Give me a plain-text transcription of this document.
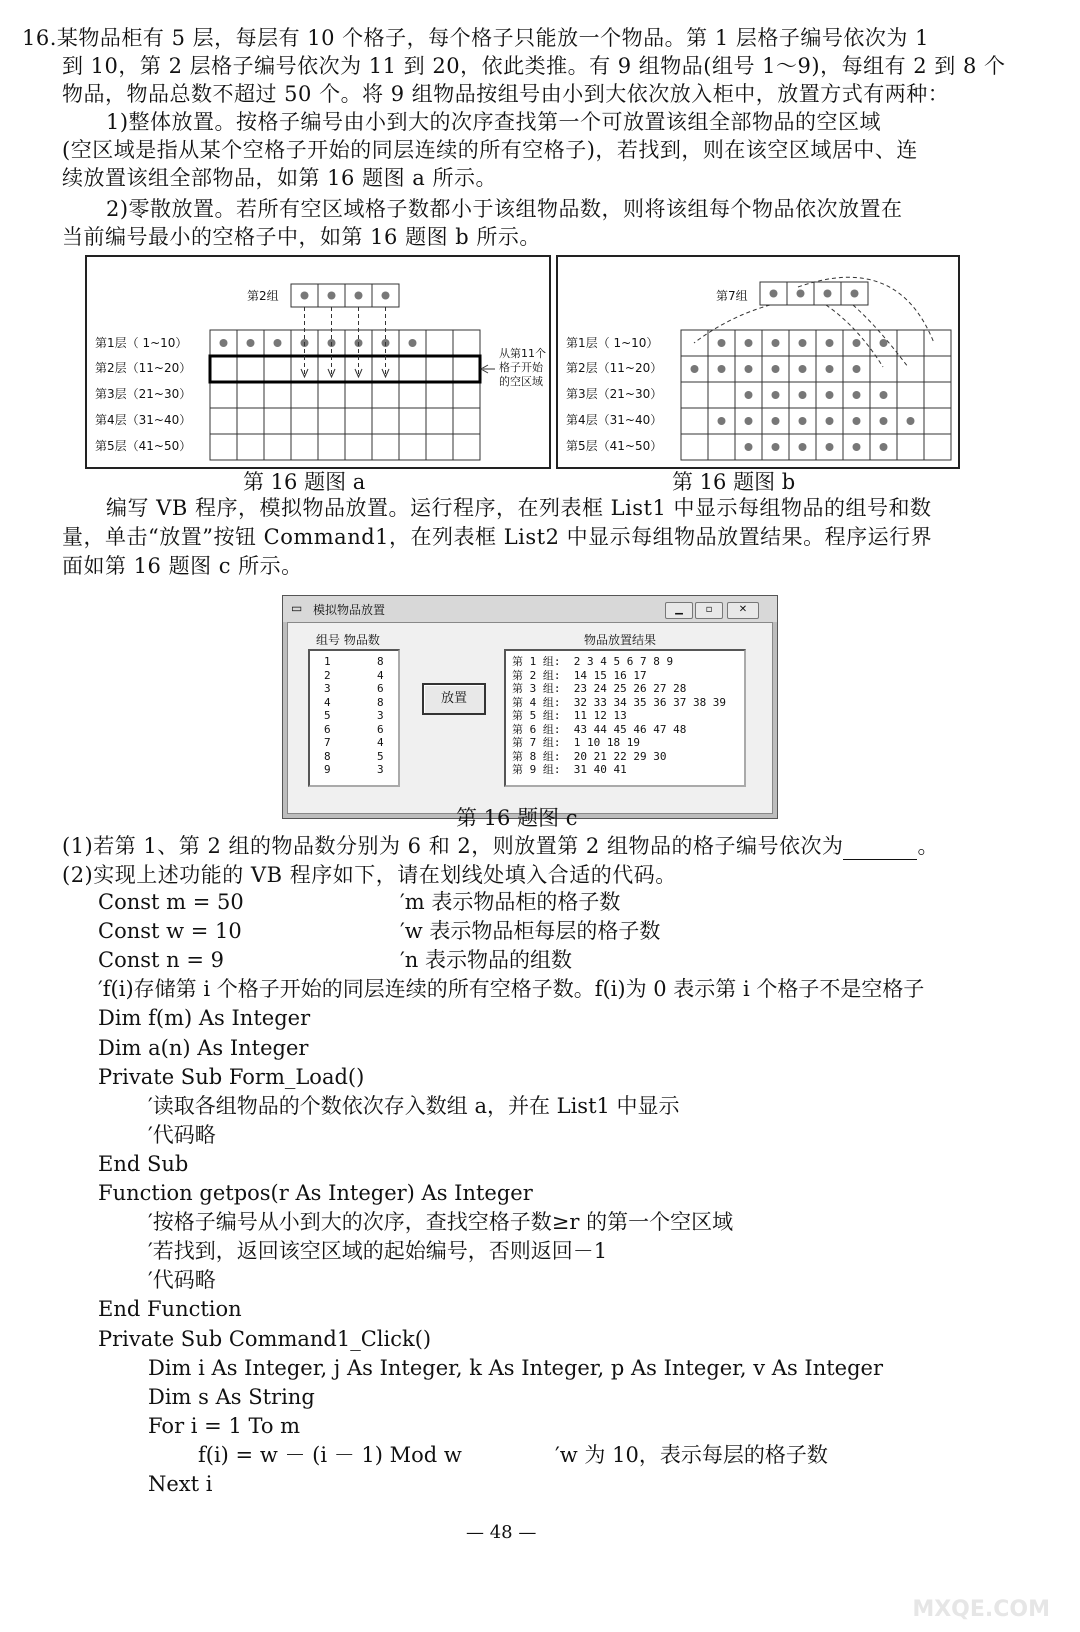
16.某物品柜有 5 层，每层有 10 个格子，每个格子只能放一个物品。第 1 层格子编号依次为 1
到 10，第 2 层格子编号依次为 11 到 20，依此类推。有 9 组物品(组号 1～9)，每组有 2 到 8 个
物品，物品总数不超过 50 个。将 9 组物品按组号由小到大依次放入柜中，放置方式有两种：
1)整体放置。按格子编号由小到大的次序查找第一个可放置该组全部物品的空区域
(空区域是指从某个空格子开始的同层连续的所有空格子)，若找到，则在该空区域居中、连
续放置该组全部物品，如第 16 题图 a 所示。
2)零散放置。若所有空区域格子数都小于该组物品数，则将该组每个物品依次放置在
当前编号最小的空格子中，如第 16 题图 b 所示。
第2组
第1层（ 1~10）
第2层（11~20）
第3层（21~30）
第4层（31~40）
第5层（41~50）
从第11个
格子开始
的空区域
第 16 题图 a
第7组
第1层（ 1~10）
第2层（11~20）
第3层（21~30）
第4层（31~40）
第5层（41~50）
第 16 题图 b
编写 VB 程序，模拟物品放置。运行程序，在列表框 List1 中显示每组物品的组号和数
量，单击“放置”按钮 Command1，在列表框 List2 中显示每组物品放置结果。程序运行界
面如第 16 题图 c 所示。
▭ 模拟物品放置	▁	▫	✕
组号 物品数
1       8
2       4
3       6
4       8
5       3
6       6
7       4
8       5
9       3
放置
物品放置结果
第 1 组:  2 3 4 5 6 7 8 9
第 2 组:  14 15 16 17
第 3 组:  23 24 25 26 27 28
第 4 组:  32 33 34 35 36 37 38 39
第 5 组:  11 12 13
第 6 组:  43 44 45 46 47 48
第 7 组:  1 10 18 19
第 8 组:  20 21 22 29 30
第 9 组:  31 40 41
第 16 题图 c
(1)若第 1、第 2 组的物品数分别为 6 和 2，则放置第 2 组物品的格子编号依次为	。
(2)实现上述功能的 VB 程序如下，请在划线处填入合适的代码。
Const m = 50	′m 表示物品柜的格子数
Const w = 10	′w 表示物品柜每层的格子数
Const n = 9	′n 表示物品的组数
′f(i)存储第 i 个格子开始的同层连续的所有空格子数。f(i)为 0 表示第 i 个格子不是空格子
Dim f(m) As Integer
Dim a(n) As Integer
Private Sub Form_Load()
′读取各组物品的个数依次存入数组 a，并在 List1 中显示
′代码略
End Sub
Function getpos(r As Integer) As Integer
′按格子编号从小到大的次序，查找空格子数≥r 的第一个空区域
′若找到，返回该空区域的起始编号，否则返回－1
′代码略
End Function
Private Sub Command1_Click()
Dim i As Integer, j As Integer, k As Integer, p As Integer, v As Integer
Dim s As String
For i = 1 To m
f(i) = w － (i － 1) Mod w	′w 为 10，表示每层的格子数
Next i
— 48 —
MXQE.COM
